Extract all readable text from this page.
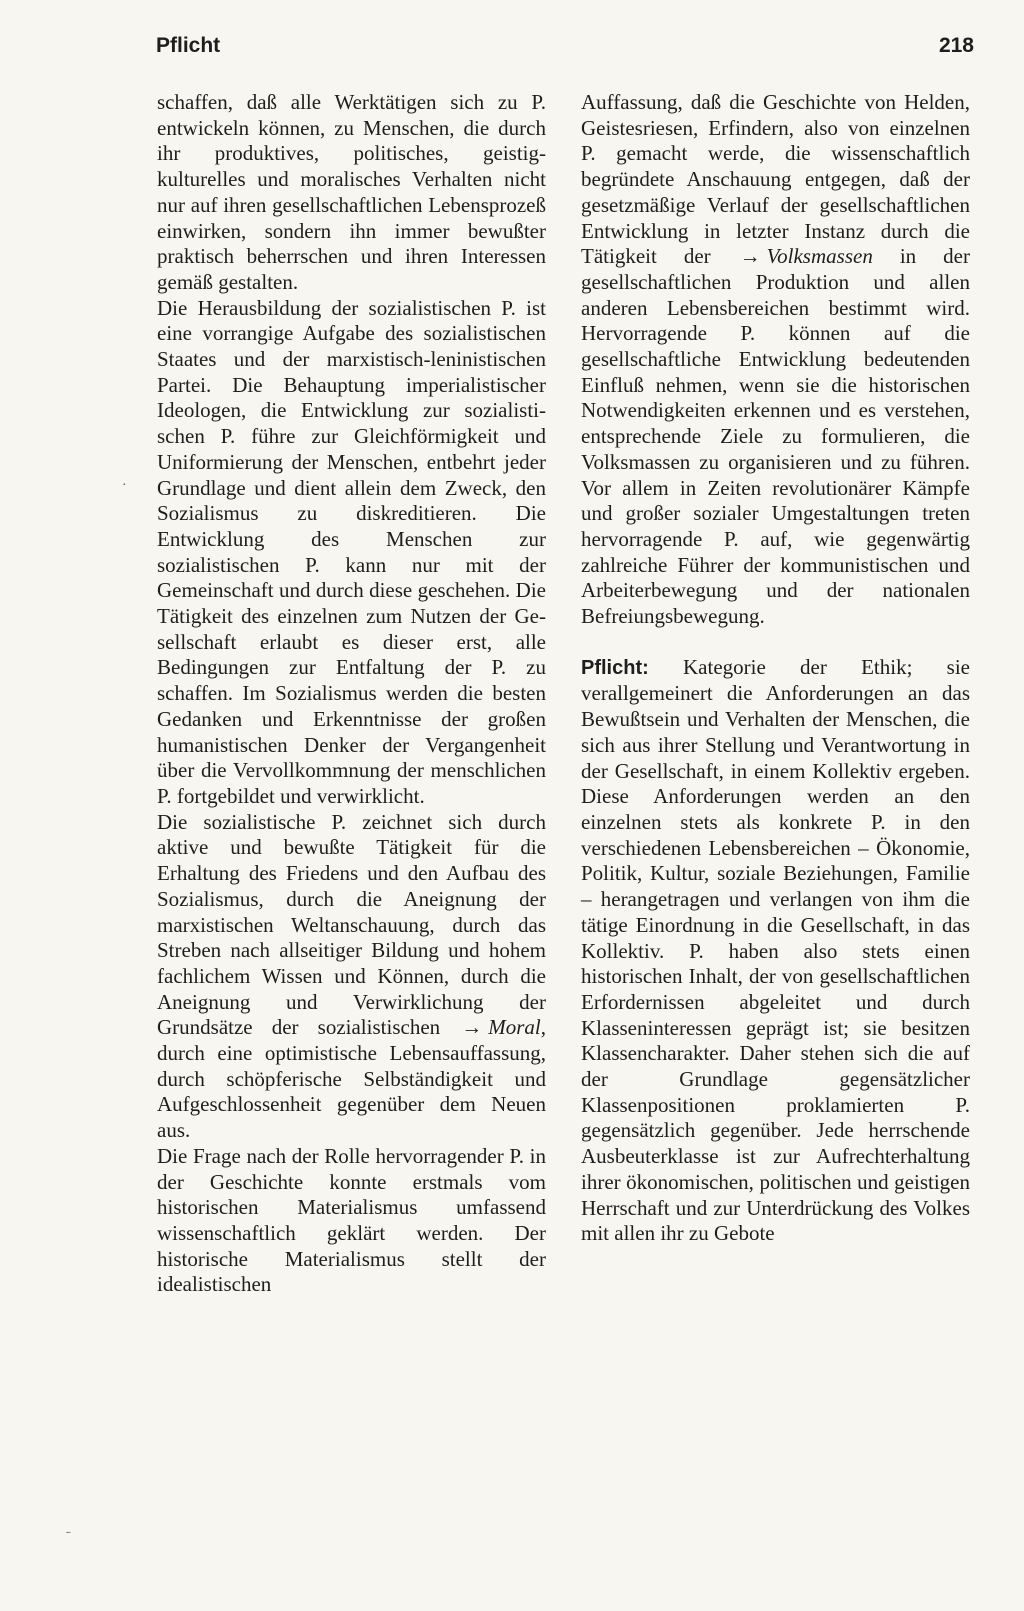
Pflicht	218

schaffen, daß alle Werktätigen sich zu P. entwickeln können, zu Menschen, die durch ihr produktives, politisches, geistig-kulturelles und moralisches Verhalten nicht nur auf ihren gesellschaftlichen Lebensprozeß einwirken, sondern ihn immer bewußter praktisch beherrschen und ihren Interessen gemäß gestalten.

Die Herausbildung der sozialistischen P. ist eine vorrangige Aufgabe des sozialistischen Staates und der marxistisch-leninistischen Partei. Die Behauptung imperialistischer Ideologen, die Entwicklung zur sozialistischen P. führe zur Gleichförmigkeit und Uniformierung der Menschen, entbehrt jeder Grundlage und dient allein dem Zweck, den Sozialismus zu diskreditieren. Die Entwicklung des Menschen zur sozialistischen P. kann nur mit der Gemeinschaft und durch diese geschehen. Die Tätigkeit des einzelnen zum Nutzen der Gesellschaft erlaubt es dieser erst, alle Bedingungen zur Entfaltung der P. zu schaffen. Im Sozialismus werden die besten Gedanken und Erkenntnisse der großen humanistischen Denker der Vergangenheit über die Vervollkommnung der menschlichen P. fortgebildet und verwirklicht.

Die sozialistische P. zeichnet sich durch aktive und bewußte Tätigkeit für die Erhaltung des Friedens und den Aufbau des Sozialismus, durch die Aneignung der marxistischen Weltanschauung, durch das Streben nach allseitiger Bildung und hohem fachlichem Wissen und Können, durch die Aneignung und Verwirklichung der Grundsätze der sozialistischen → Moral, durch eine optimistische Lebensauffassung, durch schöpferische Selbständigkeit und Aufgeschlossenheit gegenüber dem Neuen aus.

Die Frage nach der Rolle hervorragender P. in der Geschichte konnte erstmals vom historischen Materialismus umfassend wissenschaftlich geklärt werden. Der historische Materialismus stellt der idealistischen

Auffassung, daß die Geschichte von Helden, Geistesriesen, Erfindern, also von einzelnen P. gemacht werde, die wissenschaftlich begründete Anschauung entgegen, daß der gesetzmäßige Verlauf der gesellschaftlichen Entwicklung in letzter Instanz durch die Tätigkeit der → Volksmassen in der gesellschaftlichen Produktion und allen anderen Lebensbereichen bestimmt wird. Hervorragende P. können auf die gesellschaftliche Entwicklung bedeutenden Einfluß nehmen, wenn sie die historischen Notwendigkeiten erkennen und es verstehen, entsprechende Ziele zu formulieren, die Volksmassen zu organisieren und zu führen. Vor allem in Zeiten revolutionärer Kämpfe und großer sozialer Umgestaltungen treten hervorragende P. auf, wie gegenwärtig zahlreiche Führer der kommunistischen und Arbeiterbewegung und der nationalen Befreiungsbewegung.

Pflicht: Kategorie der Ethik; sie verallgemeinert die Anforderungen an das Bewußtsein und Verhalten der Menschen, die sich aus ihrer Stellung und Verantwortung in der Gesellschaft, in einem Kollektiv ergeben. Diese Anforderungen werden an den einzelnen stets als konkrete P. in den verschiedenen Lebensbereichen – Ökonomie, Politik, Kultur, soziale Beziehungen, Familie – herangetragen und verlangen von ihm die tätige Einordnung in die Gesellschaft, in das Kollektiv. P. haben also stets einen historischen Inhalt, der von gesellschaftlichen Erfordernissen abgeleitet und durch Klasseninteressen geprägt ist; sie besitzen Klassencharakter. Daher stehen sich die auf der Grundlage gegensätzlicher Klassenpositionen proklamierten P. gegensätzlich gegenüber. Jede herrschende Ausbeuterklasse ist zur Aufrechterhaltung ihrer ökonomischen, politischen und geistigen Herrschaft und zur Unterdrückung des Volkes mit allen ihr zu Gebote

·
ˍ
